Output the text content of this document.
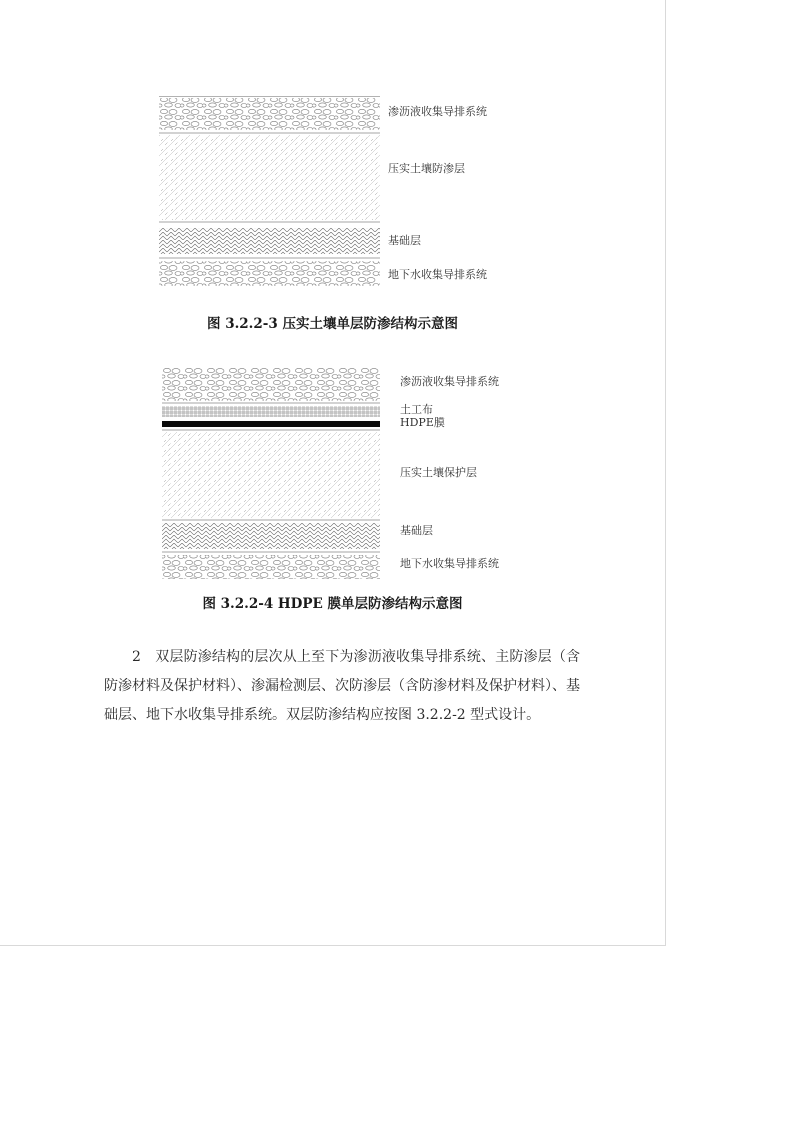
渗沥液收集导排系统
压实土壤防渗层
基础层
地下水收集导排系统
图 3.2.2-3 压实土壤单层防渗结构示意图
渗沥液收集导排系统
土工布
HDPE膜
压实土壤保护层
基础层
地下水收集导排系统
图 3.2.2-4 HDPE 膜单层防渗结构示意图

2　双层防渗结构的层次从上至下为渗沥液收集导排系统、主防渗层（含防渗材料及保护材料）、渗漏检测层、次防渗层（含防渗材料及保护材料）、基础层、地下水收集导排系统。双层防渗结构应按图 3.2.2-2 型式设计。
